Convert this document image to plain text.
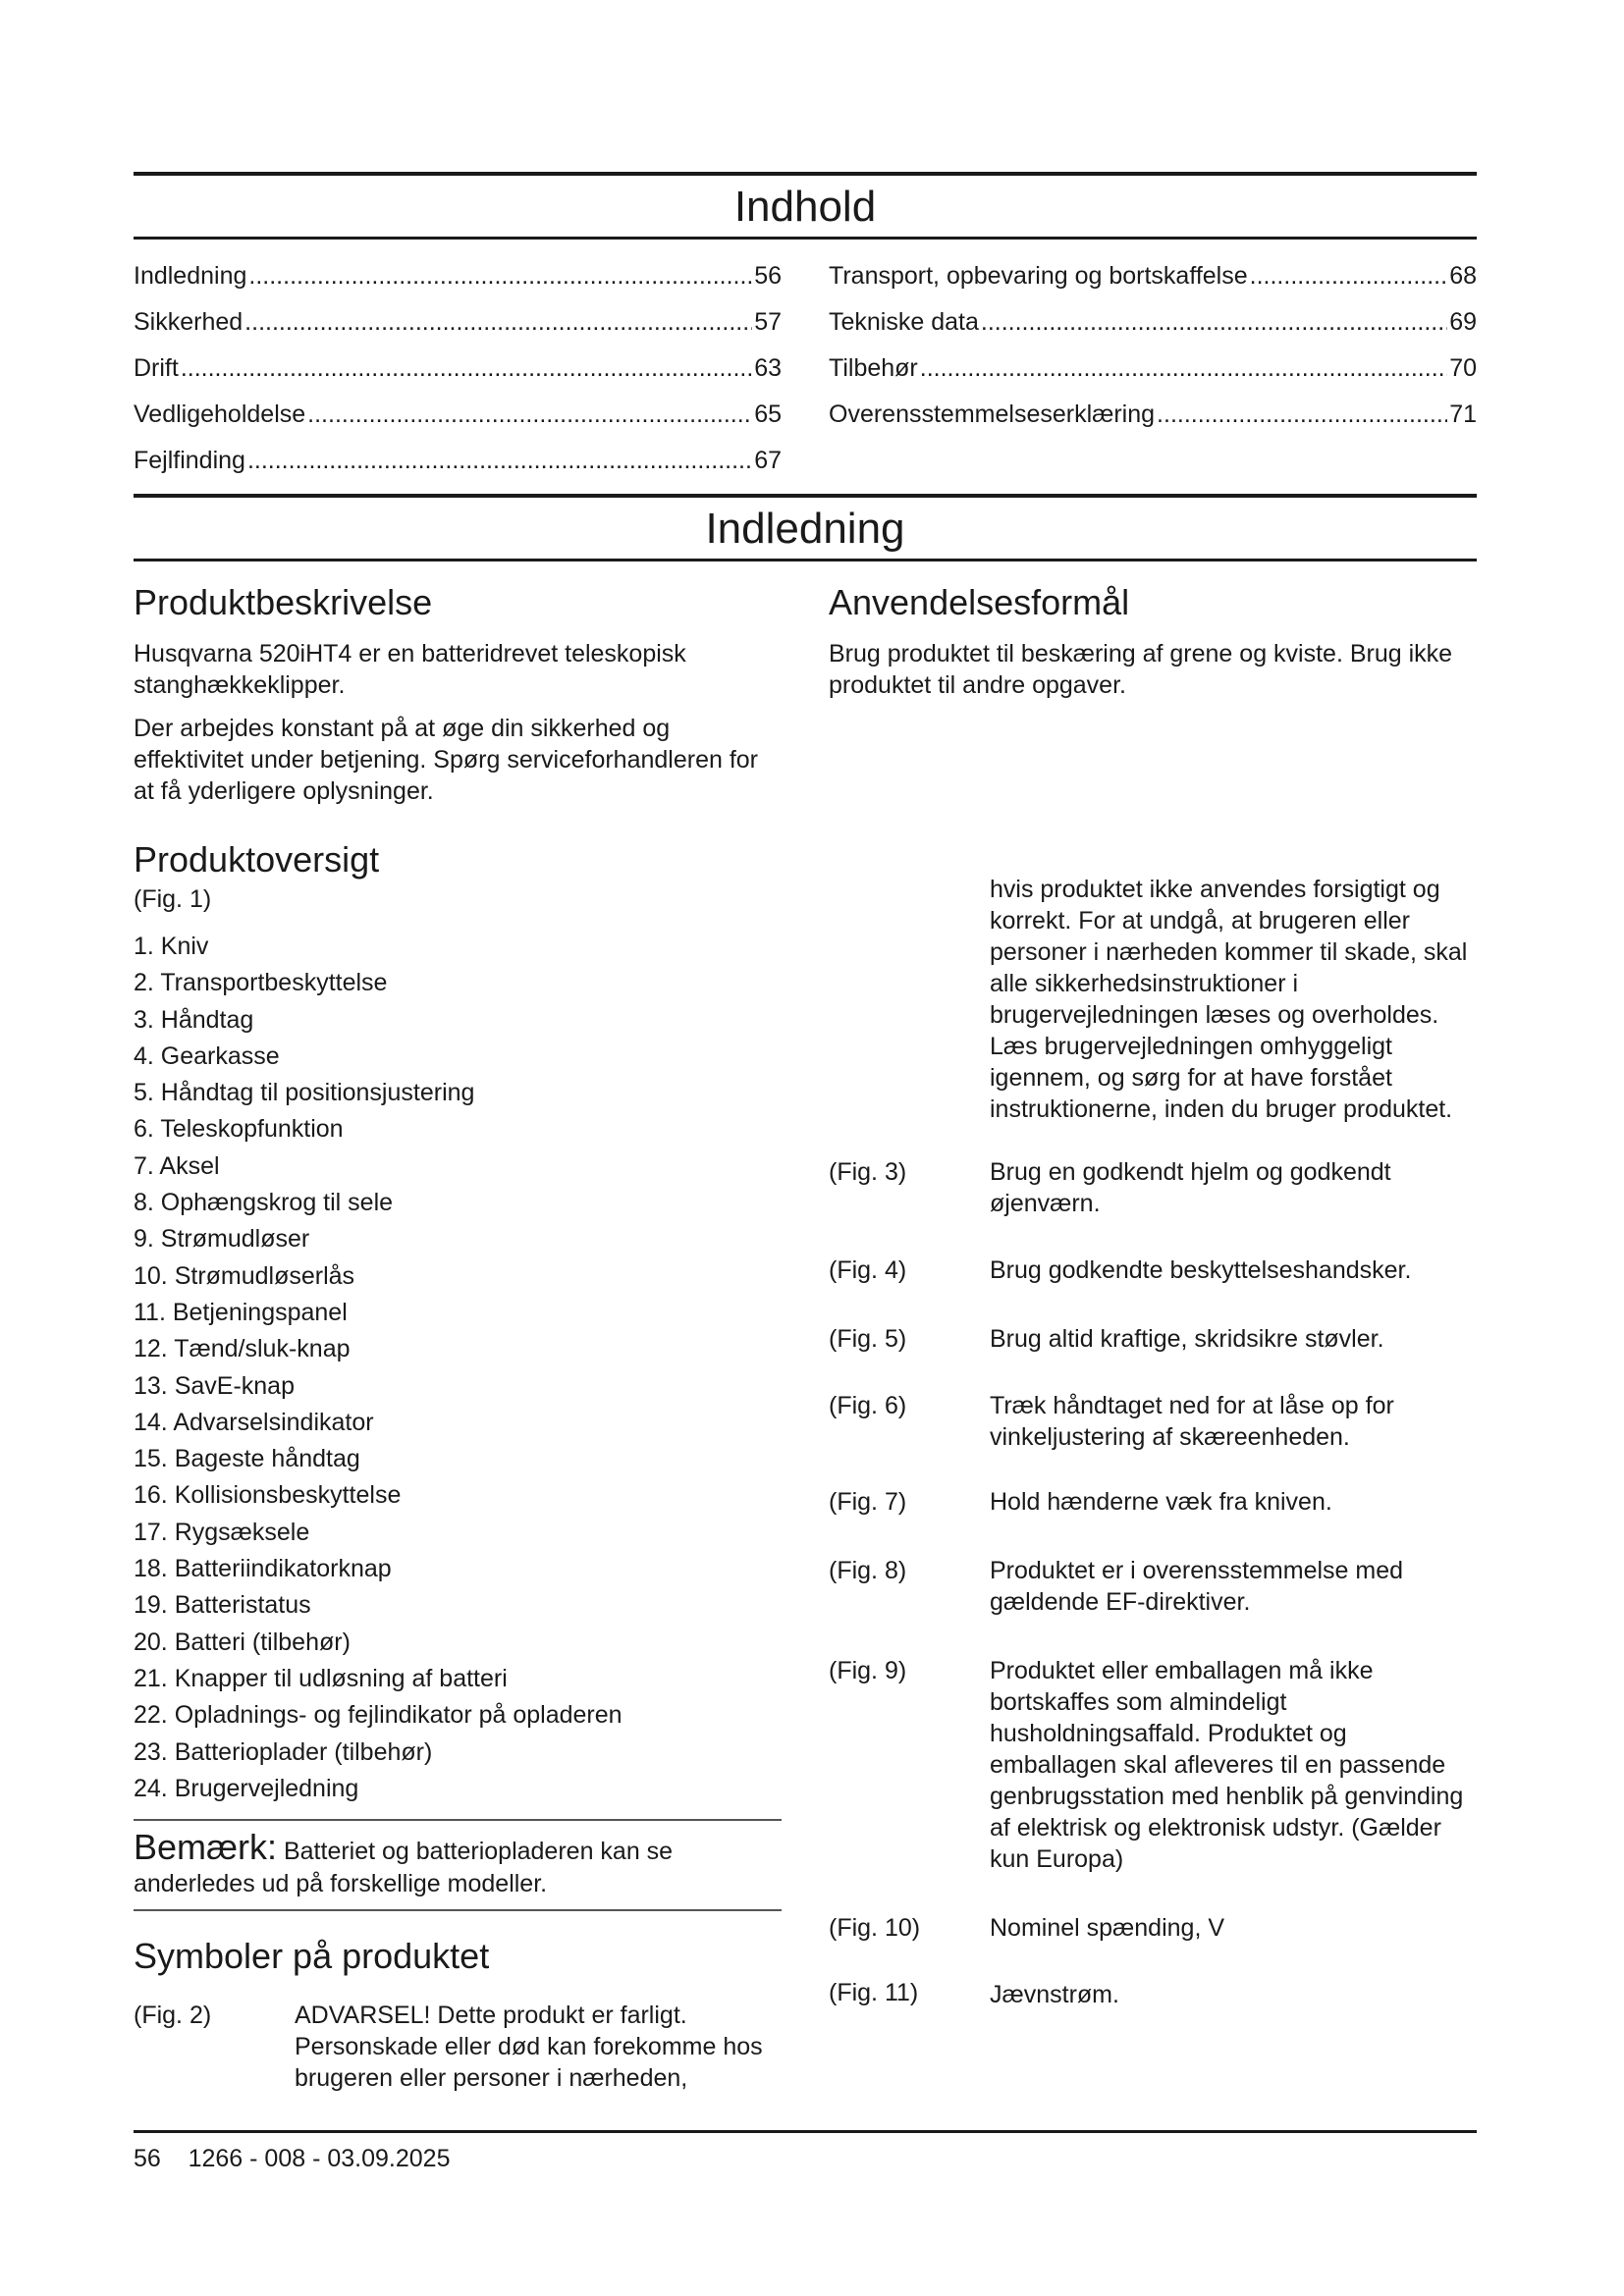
Indhold
Indledning .....	56
Sikkerhed .....	57
Drift .....	63
Vedligeholdelse .....	65
Fejlfinding .....	67
Transport, opbevaring og bortskaffelse .....	68
Tekniske data .....	69
Tilbehør .....	70
Overensstemmelseserklæring .....	71
Indledning
Produktbeskrivelse

Husqvarna 520iHT4 er en batteridrevet teleskopisk stanghækkeklipper.

Der arbejdes konstant på at øge din sikkerhed og effektivitet under betjening. Spørg serviceforhandleren for at få yderligere oplysninger.

Produktoversigt
(Fig. 1)
1. Kniv
2. Transportbeskyttelse
3. Håndtag
4. Gearkasse
5. Håndtag til positionsjustering
6. Teleskopfunktion
7. Aksel
8. Ophængskrog til sele
9. Strømudløser
10. Strømudløserlås
11. Betjeningspanel
12. Tænd/sluk-knap
13. SavE-knap
14. Advarselsindikator
15. Bageste håndtag
16. Kollisionsbeskyttelse
17. Rygsæksele
18. Batteriindikatorknap
19. Batteristatus
20. Batteri (tilbehør)
21. Knapper til udløsning af batteri
22. Opladnings- og fejlindikator på opladeren
23. Batterioplader (tilbehør)
24. Brugervejledning
Bemærk: Batteriet og batteriopladeren kan se anderledes ud på forskellige modeller.
Symboler på produktet
(Fig. 2)	ADVARSEL! Dette produkt er farligt. Personskade eller død kan forekomme hos brugeren eller personer i nærheden,
Anvendelsesformål

Brug produktet til beskæring af grene og kviste. Brug ikke produktet til andre opgaver.

hvis produktet ikke anvendes forsigtigt og korrekt. For at undgå, at brugeren eller personer i nærheden kommer til skade, skal alle sikkerhedsinstruktioner i brugervejledningen læses og overholdes. Læs brugervejledningen omhyggeligt igennem, og sørg for at have forstået instruktionerne, inden du bruger produktet.
(Fig. 3)	Brug en godkendt hjelm og godkendt øjenværn.
(Fig. 4)	Brug godkendte beskyttelseshandsker.
(Fig. 5)	Brug altid kraftige, skridsikre støvler.
(Fig. 6)	Træk håndtaget ned for at låse op for vinkeljustering af skæreenheden.
(Fig. 7)	Hold hænderne væk fra kniven.
(Fig. 8)	Produktet er i overensstemmelse med gældende EF-direktiver.
(Fig. 9)	Produktet eller emballagen må ikke bortskaffes som almindeligt husholdningsaffald. Produktet og emballagen skal afleveres til en passende genbrugsstation med henblik på genvinding af elektrisk og elektronisk udstyr. (Gælder kun Europa)
(Fig. 10)	Nominel spænding, V
(Fig. 11)	Jævnstrøm.
56    1266 - 008 - 03.09.2025
